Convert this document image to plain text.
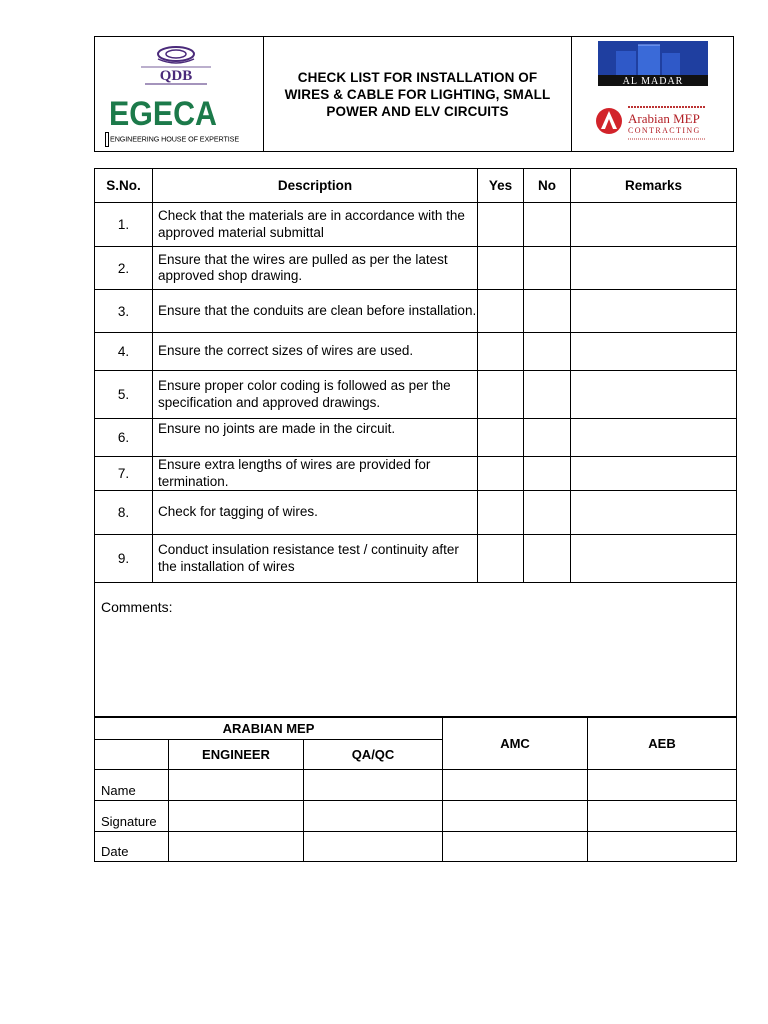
QDB
EGECA
ENGINEERING HOUSE OF EXPERTISE
CHECK LIST FOR INSTALLATION OF WIRES & CABLE FOR LIGHTING, SMALL POWER AND ELV CIRCUITS
AL MADAR
Arabian MEP
CONTRACTING
S.No.	Description	Yes	No	Remarks
1.	Check that the materials are in accordance with the approved material submittal			
2.	Ensure that the wires are pulled as per the latest approved shop drawing.			
3.	Ensure that the conduits are clean before installation.			
4.	Ensure the correct sizes of wires are used.			
5.	Ensure proper color coding is followed as per the specification and approved drawings.			
6.	Ensure no joints are made in the circuit.			
7.	Ensure extra lengths of wires are provided for termination.			
8.	Check for tagging of wires.			
9.	Conduct insulation resistance test / continuity after the installation of wires			

Comments:				
ARABIAN MEP			AMC	AEB
	ENGINEER	QA/QC		
Name				
Signature				
Date				
